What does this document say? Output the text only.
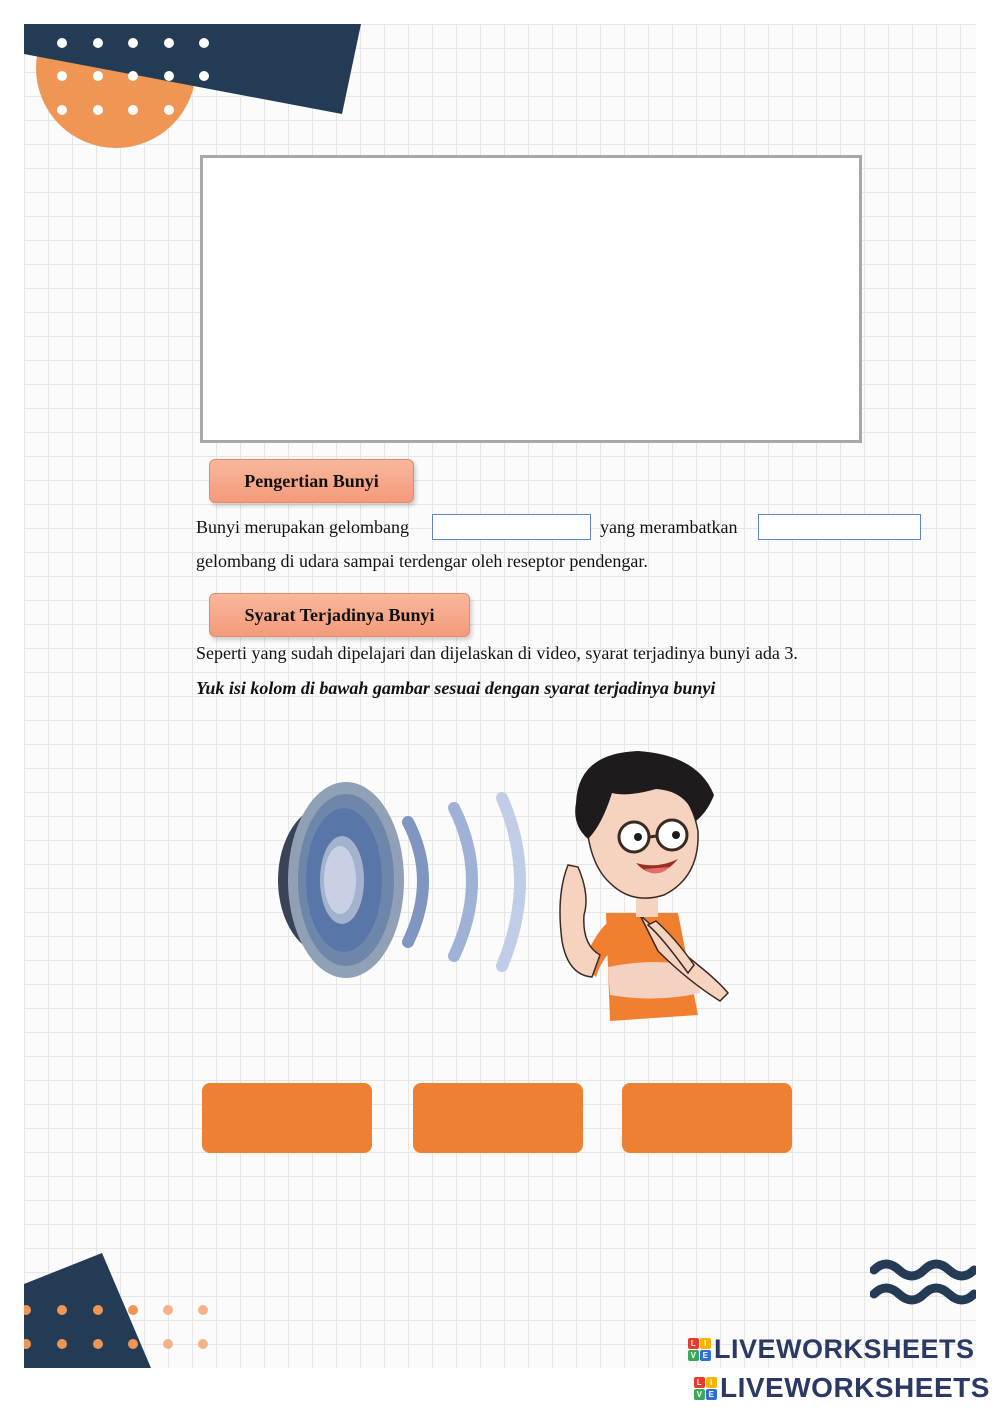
Pengertian Bunyi
Bunyi merupakan gelombang	yang merambatkan
gelombang di udara sampai terdengar oleh reseptor pendengar.
Syarat Terjadinya Bunyi
Seperti yang sudah dipelajari dan dijelaskan di video, syarat terjadinya bunyi ada 3.
Yuk isi kolom di bawah gambar sesuai dengan syarat terjadinya bunyi
L I
V E LIVEWORKSHEETS
L I
V E LIVEWORKSHEETS
